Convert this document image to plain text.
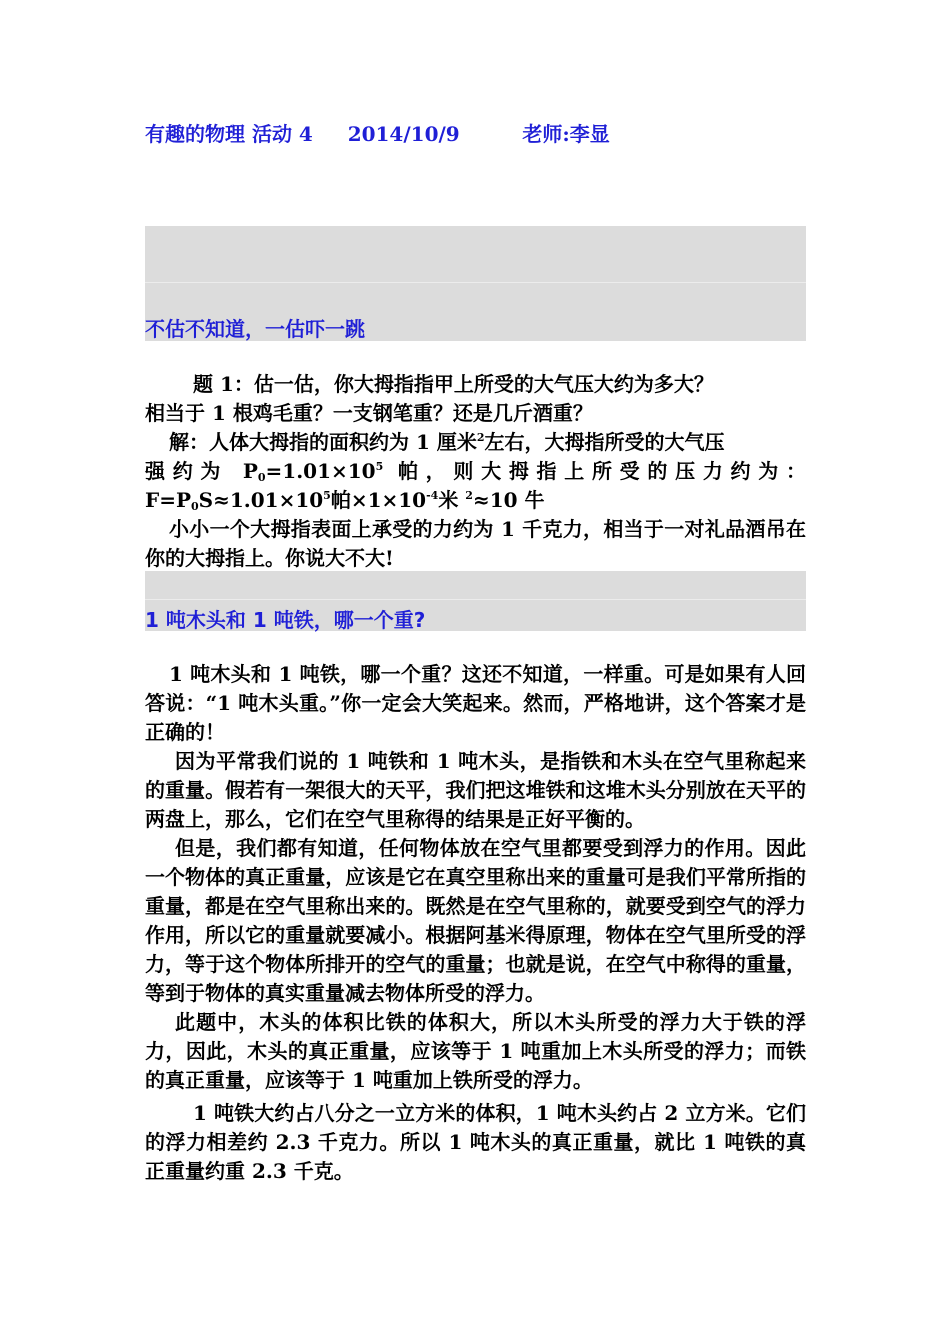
有趣的物理 活动 4 2014/10/9	老师:李显
不估不知道，一估吓一跳

题 1：估一估，你大拇指指甲上所受的大气压大约为多大？
相当于 1 根鸡毛重？一支钢笔重？还是几斤酒重？

解：人体大拇指的面积约为 1 厘米$^2$左右，大拇指所受的大气压

强约为 $P_0=1.01\times 10^5$ 帕，则大拇指上所受的压力约为：

$F=P_0S\approx 1.01\times 10^5$帕$\times 1\times 10^{-4}$米 $^2$≈10 牛

小小一个大拇指表面上承受的力约为 1 千克力，相当于一对礼品酒吊在你的大拇指上。你说大不大!

1 吨木头和 1 吨铁，哪一个重?

1 吨木头和 1 吨铁，哪一个重？这还不知道，一样重。可是如果有人回答说：“1 吨木头重。”你一定会大笑起来。然而，严格地讲，这个答案才是正确的！

因为平常我们说的 1 吨铁和 1 吨木头，是指铁和木头在空气里称起来的重量。假若有一架很大的天平，我们把这堆铁和这堆木头分别放在天平的两盘上，那么，它们在空气里称得的结果是正好平衡的。

但是，我们都有知道，任何物体放在空气里都要受到浮力的作用。因此一个物体的真正重量，应该是它在真空里称出来的重量可是我们平常所指的重量，都是在空气里称出来的。既然是在空气里称的，就要受到空气的浮力作用，所以它的重量就要减小。根据阿基米得原理，物体在空气里所受的浮力，等于这个物体所排开的空气的重量；也就是说，在空气中称得的重量，等到于物体的真实重量减去物体所受的浮力。

此题中，木头的体积比铁的体积大，所以木头所受的浮力大于铁的浮力，因此，木头的真正重量，应该等于 1 吨重加上木头所受的浮力；而铁的真正重量，应该等于 1 吨重加上铁所受的浮力。

1 吨铁大约占八分之一立方米的体积，1 吨木头约占 2 立方米。它们的浮力相差约 2.3 千克力。所以 1 吨木头的真正重量，就比 1 吨铁的真正重量约重 2.3 千克。
